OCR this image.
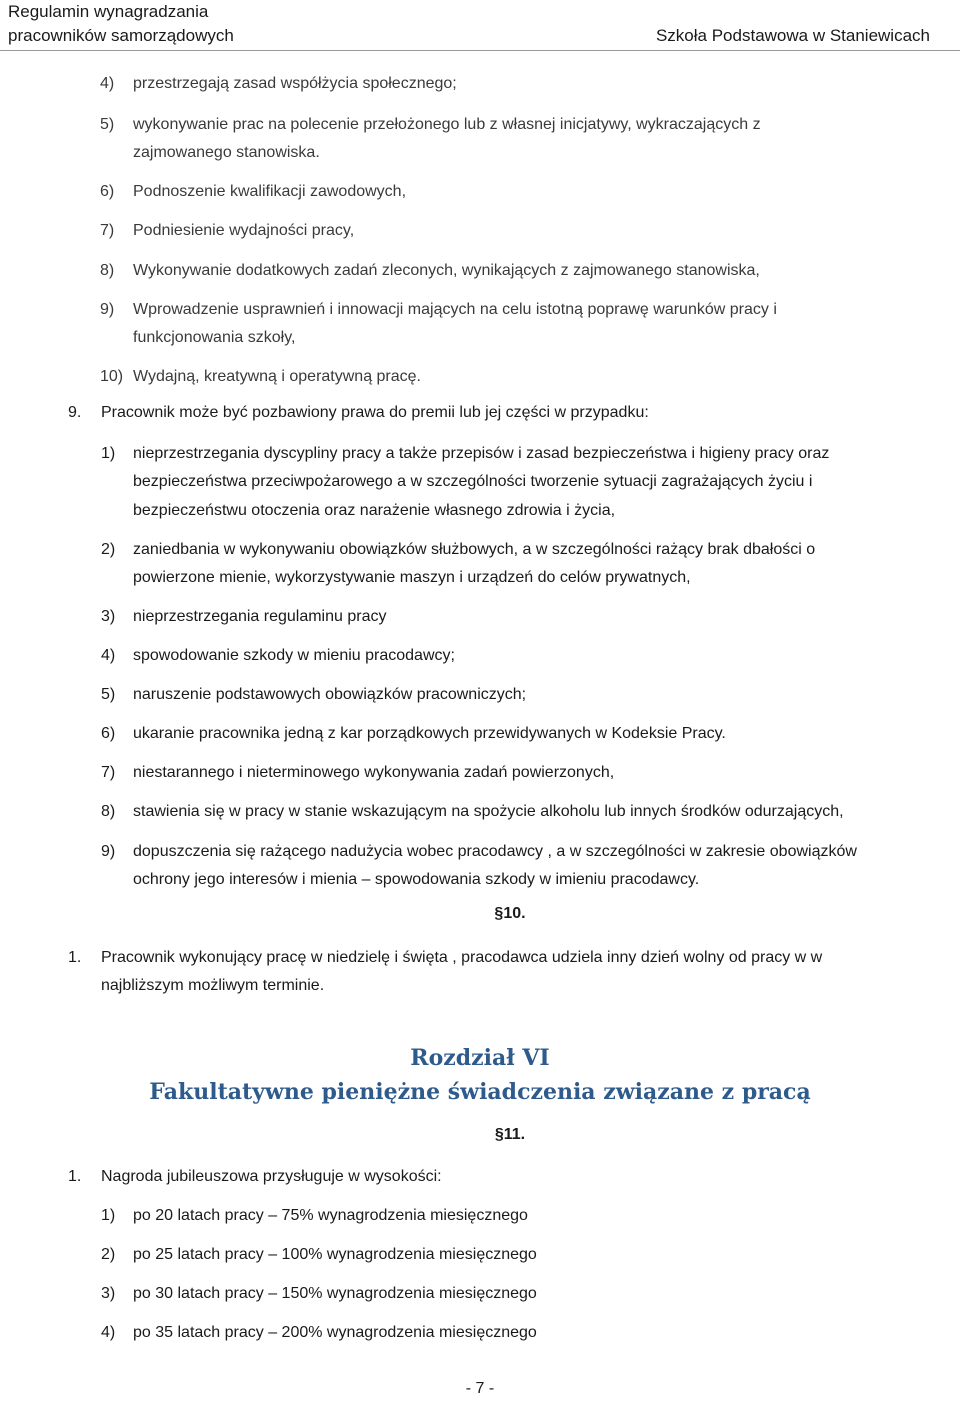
Regulamin wynagradzania
pracowników samorządowych	Szkoła Podstawowa w Staniewicach
4) przestrzegają zasad współżycia społecznego;
5) wykonywanie prac na polecenie przełożonego lub z własnej inicjatywy, wykraczających z
zajmowanego stanowiska.
6) Podnoszenie kwalifikacji zawodowych,
7) Podniesienie wydajności pracy,
8) Wykonywanie dodatkowych zadań zleconych, wynikających z zajmowanego stanowiska,
9) Wprowadzenie usprawnień i innowacji mających na celu istotną poprawę warunków pracy i
funkcjonowania szkoły,
10) Wydajną, kreatywną i operatywną pracę.
9. Pracownik może być pozbawiony prawa do premii lub jej części w przypadku:
1) nieprzestrzegania dyscypliny pracy a także przepisów i zasad bezpieczeństwa i higieny pracy oraz
bezpieczeństwa przeciwpożarowego a w szczególności tworzenie sytuacji zagrażających życiu i
bezpieczeństwu otoczenia oraz narażenie własnego zdrowia i życia,
2) zaniedbania w wykonywaniu obowiązków służbowych, a w szczególności rażący brak dbałości o
powierzone mienie, wykorzystywanie maszyn i urządzeń do celów prywatnych,
3) nieprzestrzegania regulaminu pracy
4) spowodowanie szkody w mieniu pracodawcy;
5) naruszenie podstawowych obowiązków pracowniczych;
6) ukaranie pracownika jedną z kar porządkowych przewidywanych w Kodeksie Pracy.
7) niestarannego i nieterminowego wykonywania zadań powierzonych,
8) stawienia się w pracy w stanie wskazującym na spożycie alkoholu lub innych środków odurzających,
9) dopuszczenia się rażącego nadużycia wobec pracodawcy , a w szczególności w zakresie obowiązków
ochrony jego interesów i mienia – spowodowania szkody w imieniu pracodawcy.
§10.
1. Pracownik wykonujący pracę w niedzielę i święta , pracodawca udziela inny dzień wolny od pracy w w
najbliższym możliwym terminie.
Rozdział VI
Fakultatywne pieniężne świadczenia związane z pracą
§11.
1. Nagroda jubileuszowa przysługuje w wysokości:
1) po 20 latach pracy – 75% wynagrodzenia miesięcznego
2) po 25 latach pracy – 100% wynagrodzenia miesięcznego
3) po 30 latach pracy – 150% wynagrodzenia miesięcznego
4) po 35 latach pracy – 200% wynagrodzenia miesięcznego
- 7 -
